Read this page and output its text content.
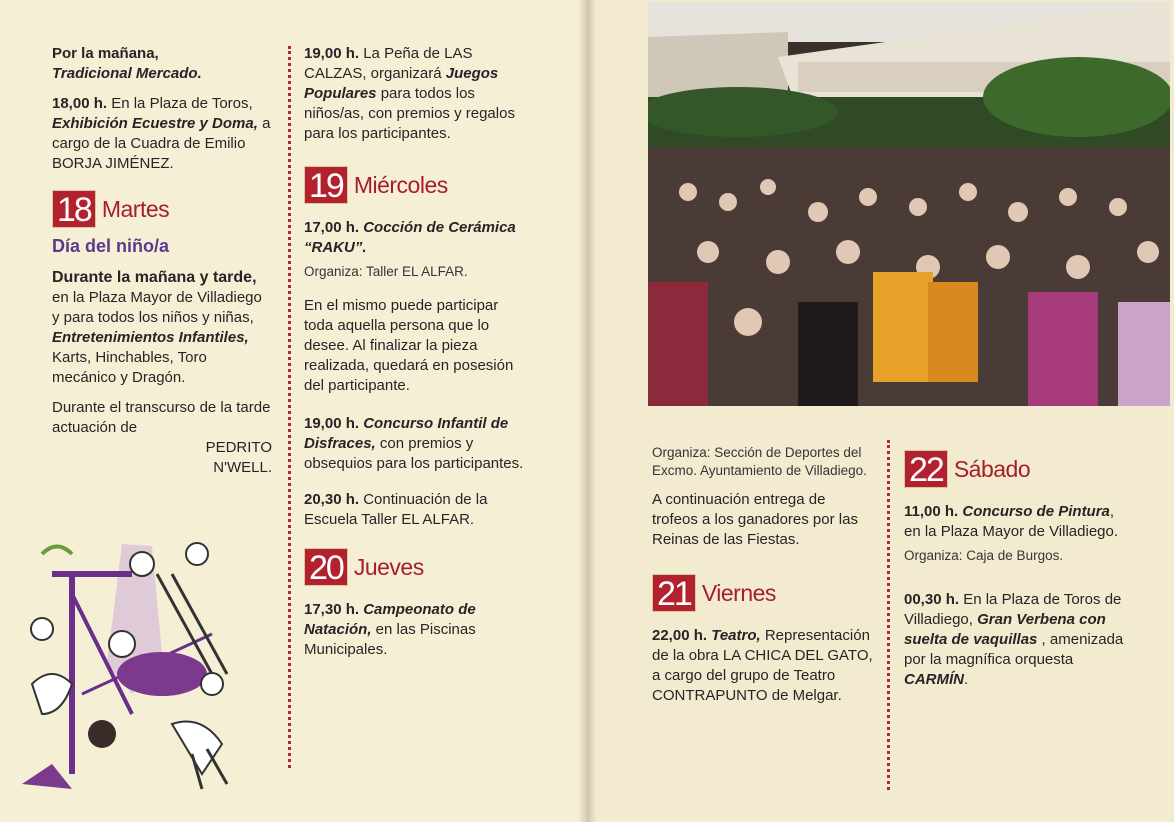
Por la mañana,
Tradicional Mercado.

18,00 h. En la Plaza de Toros, Exhibición Ecuestre y Doma, a cargo de la Cuadra de Emilio BORJA JIMÉNEZ.

18 Martes

Día del niño/a

Durante la mañana y tarde, en la Plaza Mayor de Villadiego y para todos los niños y niñas, Entretenimientos Infantiles, Karts, Hinchables, Toro mecánico y Dragón.

Durante el transcurso de la tarde actuación de

PEDRITO
N'WELL.

19,00 h. La Peña de LAS CALZAS, organizará Juegos Populares para todos los niños/as, con premios y regalos para los participantes.

19 Miércoles

17,00 h. Cocción de Cerámica “RAKU”.

Organiza: Taller EL ALFAR.

En el mismo puede participar toda aquella persona que lo desee. Al finalizar la pieza realizada, quedará en posesión del participante.

19,00 h. Concurso Infantil de Disfraces, con premios y obsequios para los participantes.

20,30 h. Continuación de la Escuela Taller EL ALFAR.

20 Jueves

17,30 h. Campeonato de Natación, en las Piscinas Municipales.

Organiza: Sección de Deportes del Excmo. Ayuntamiento de Villadiego.

A continuación entrega de trofeos a los ganadores por las Reinas de las Fiestas.

21 Viernes

22,00 h. Teatro, Representación de la obra LA CHICA DEL GATO, a cargo del grupo de Teatro CONTRAPUNTO de Melgar.

22 Sábado

11,00 h. Concurso de Pintura, en la Plaza Mayor de Villadiego.

Organiza: Caja de Burgos.

00,30 h. En la Plaza de Toros de Villadiego, Gran Verbena con suelta de vaquillas , amenizada por la magnífica orquesta CARMÍN.
